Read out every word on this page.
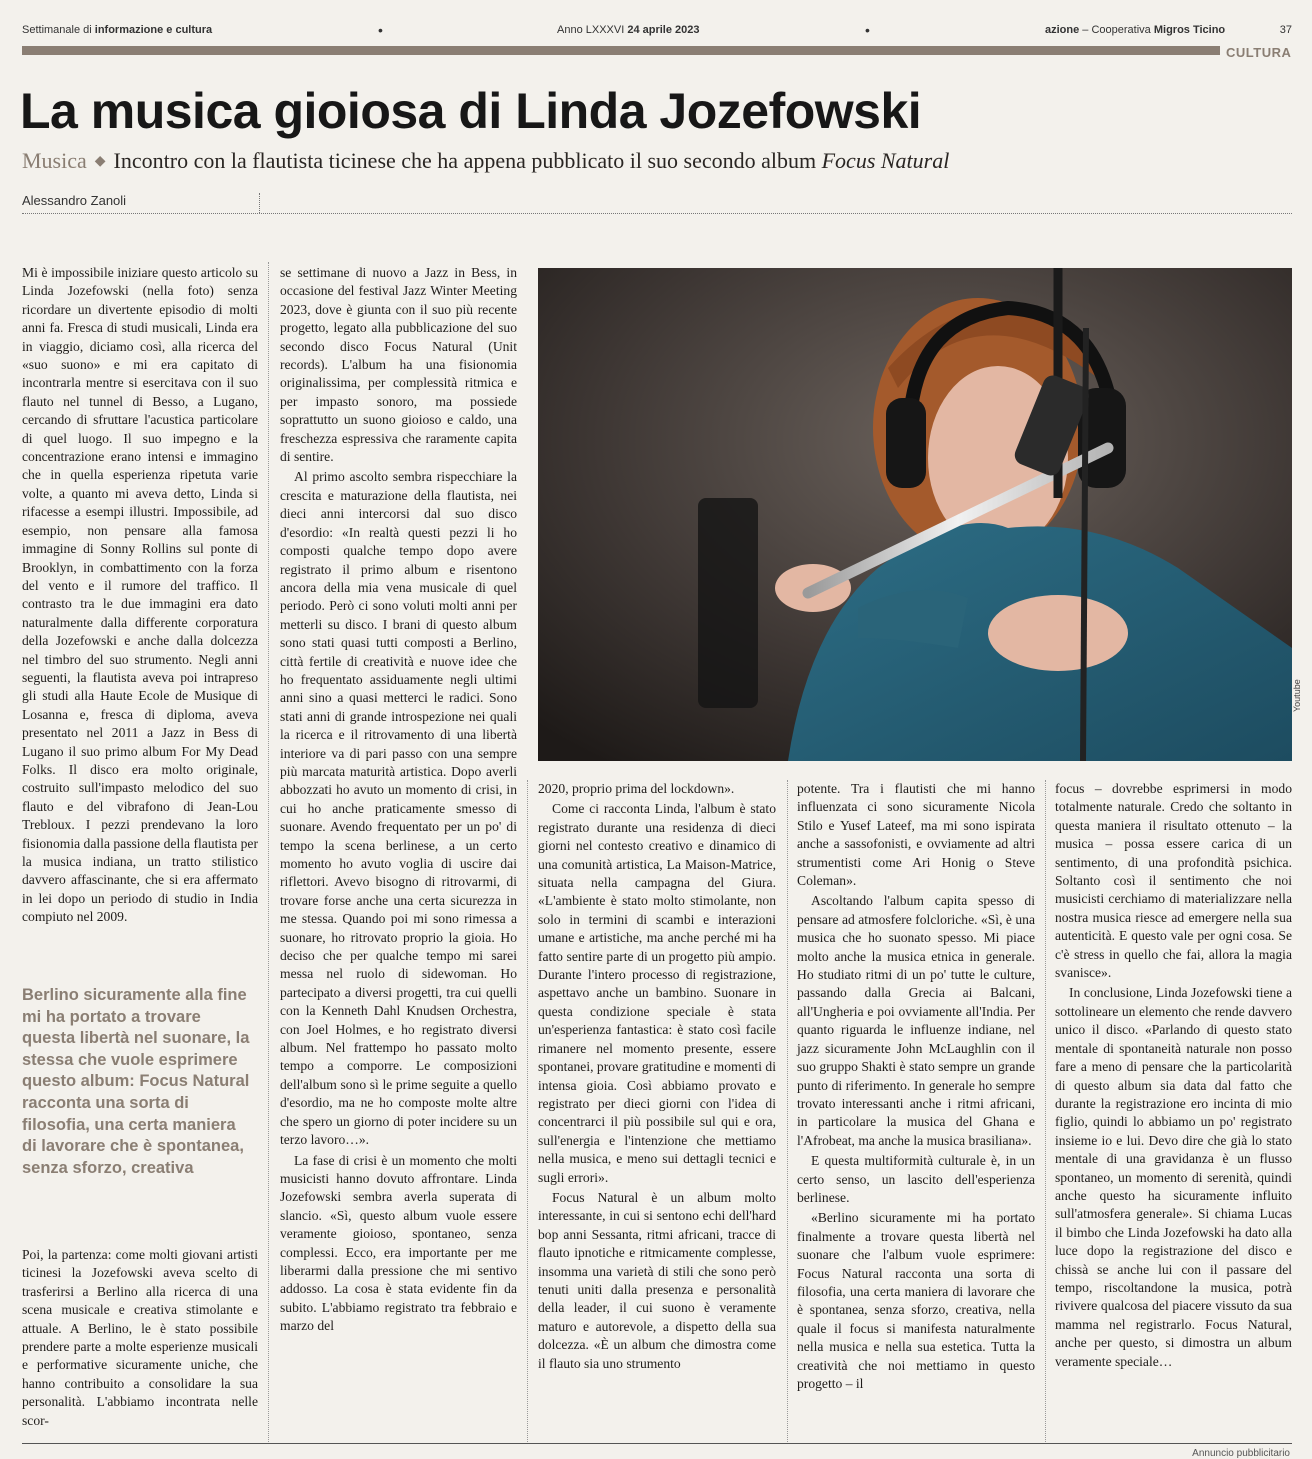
Settimanale di informazione e cultura	•	Anno LXXXVI 24 aprile 2023	•	azione – Cooperativa Migros Ticino	37
CULTURA
La musica gioiosa di Linda Jozefowski
Musica ◆ Incontro con la flautista ticinese che ha appena pubblicato il suo secondo album Focus Natural
Alessandro Zanoli

Mi è impossibile iniziare questo articolo su Linda Jozefowski (nella foto) senza ricordare un divertente episodio di molti anni fa. Fresca di studi musicali, Linda era in viaggio, diciamo così, alla ricerca del «suo suono» e mi era capitato di incontrarla mentre si esercitava con il suo flauto nel tunnel di Besso, a Lugano, cercando di sfruttare l'acustica particolare di quel luogo. Il suo impegno e la concentrazione erano intensi e immagino che in quella esperienza ripetuta varie volte, a quanto mi aveva detto, Linda si rifacesse a esempi illustri. Impossibile, ad esempio, non pensare alla famosa immagine di Sonny Rollins sul ponte di Brooklyn, in combattimento con la forza del vento e il rumore del traffico. Il contrasto tra le due immagini era dato naturalmente dalla differente corporatura della Jozefowski e anche dalla dolcezza nel timbro del suo strumento. Negli anni seguenti, la flautista aveva poi intrapreso gli studi alla Haute Ecole de Musique di Losanna e, fresca di diploma, aveva presentato nel 2011 a Jazz in Bess di Lugano il suo primo album For My Dead Folks. Il disco era molto originale, costruito sull'impasto melodico del suo flauto e del vibrafono di Jean-Lou Trebloux. I pezzi prendevano la loro fisionomia dalla passione della flautista per la musica indiana, un tratto stilistico davvero affascinante, che si era affermato in lei dopo un periodo di studio in India compiuto nel 2009.

Berlino sicuramente alla fine mi ha portato a trovare questa libertà nel suonare, la stessa che vuole esprimere questo album: Focus Natural racconta una sorta di filosofia, una certa maniera di lavorare che è spontanea, senza sforzo, creativa

Poi, la partenza: come molti giovani artisti ticinesi la Jozefowski aveva scelto di trasferirsi a Berlino alla ricerca di una scena musicale e creativa stimolante e attuale. A Berlino, le è stato possibile prendere parte a molte esperienze musicali e performative sicuramente uniche, che hanno contribuito a consolidare la sua personalità. L'abbiamo incontrata nelle scor-

se settimane di nuovo a Jazz in Bess, in occasione del festival Jazz Winter Meeting 2023, dove è giunta con il suo più recente progetto, legato alla pubblicazione del suo secondo disco Focus Natural (Unit records). L'album ha una fisionomia originalissima, per complessità ritmica e per impasto sonoro, ma possiede soprattutto un suono gioioso e caldo, una freschezza espressiva che raramente capita di sentire.

Al primo ascolto sembra rispecchiare la crescita e maturazione della flautista, nei dieci anni intercorsi dal suo disco d'esordio: «In realtà questi pezzi li ho composti qualche tempo dopo avere registrato il primo album e risentono ancora della mia vena musicale di quel periodo. Però ci sono voluti molti anni per metterli su disco. I brani di questo album sono stati quasi tutti composti a Berlino, città fertile di creatività e nuove idee che ho frequentato assiduamente negli ultimi anni sino a quasi metterci le radici. Sono stati anni di grande introspezione nei quali la ricerca e il ritrovamento di una libertà interiore va di pari passo con una sempre più marcata maturità artistica. Dopo averli abbozzati ho avuto un momento di crisi, in cui ho anche praticamente smesso di suonare. Avendo frequentato per un po' di tempo la scena berlinese, a un certo momento ho avuto voglia di uscire dai riflettori. Avevo bisogno di ritrovarmi, di trovare forse anche una certa sicurezza in me stessa. Quando poi mi sono rimessa a suonare, ho ritrovato proprio la gioia. Ho deciso che per qualche tempo mi sarei messa nel ruolo di sidewoman. Ho partecipato a diversi progetti, tra cui quelli con la Kenneth Dahl Knudsen Orchestra, con Joel Holmes, e ho registrato diversi album. Nel frattempo ho passato molto tempo a comporre. Le composizioni dell'album sono sì le prime seguite a quello d'esordio, ma ne ho composte molte altre che spero un giorno di poter incidere su un terzo lavoro…».

La fase di crisi è un momento che molti musicisti hanno dovuto affrontare. Linda Jozefowski sembra averla superata di slancio. «Sì, questo album vuole essere veramente gioioso, spontaneo, senza complessi. Ecco, era importante per me liberarmi dalla pressione che mi sentivo addosso. La cosa è stata evidente fin da subito. L'abbiamo registrato tra febbraio e marzo del

Youtube

2020, proprio prima del lockdown».

Come ci racconta Linda, l'album è stato registrato durante una residenza di dieci giorni nel contesto creativo e dinamico di una comunità artistica, La Maison-Matrice, situata nella campagna del Giura. «L'ambiente è stato molto stimolante, non solo in termini di scambi e interazioni umane e artistiche, ma anche perché mi ha fatto sentire parte di un progetto più ampio. Durante l'intero processo di registrazione, aspettavo anche un bambino. Suonare in questa condizione speciale è stata un'esperienza fantastica: è stato così facile rimanere nel momento presente, essere spontanei, provare gratitudine e momenti di intensa gioia. Così abbiamo provato e registrato per dieci giorni con l'idea di concentrarci il più possibile sul qui e ora, sull'energia e l'intenzione che mettiamo nella musica, e meno sui dettagli tecnici e sugli errori».

Focus Natural è un album molto interessante, in cui si sentono echi dell'hard bop anni Sessanta, ritmi africani, tracce di flauto ipnotiche e ritmicamente complesse, insomma una varietà di stili che sono però tenuti uniti dalla presenza e personalità della leader, il cui suono è veramente maturo e autorevole, a dispetto della sua dolcezza. «È un album che dimostra come il flauto sia uno strumento

potente. Tra i flautisti che mi hanno influenzata ci sono sicuramente Nicola Stilo e Yusef Lateef, ma mi sono ispirata anche a sassofonisti, e ovviamente ad altri strumentisti come Ari Honig o Steve Coleman».

Ascoltando l'album capita spesso di pensare ad atmosfere folcloriche. «Sì, è una musica che ho suonato spesso. Mi piace molto anche la musica etnica in generale. Ho studiato ritmi di un po' tutte le culture, passando dalla Grecia ai Balcani, all'Ungheria e poi ovviamente all'India. Per quanto riguarda le influenze indiane, nel jazz sicuramente John McLaughlin con il suo gruppo Shakti è stato sempre un grande punto di riferimento. In generale ho sempre trovato interessanti anche i ritmi africani, in particolare la musica del Ghana e l'Afrobeat, ma anche la musica brasiliana».

E questa multiformità culturale è, in un certo senso, un lascito dell'esperienza berlinese.

«Berlino sicuramente mi ha portato finalmente a trovare questa libertà nel suonare che l'album vuole esprimere: Focus Natural racconta una sorta di filosofia, una certa maniera di lavorare che è spontanea, senza sforzo, creativa, nella quale il focus si manifesta naturalmente nella musica e nella sua estetica. Tutta la creatività che noi mettiamo in questo progetto – il

focus – dovrebbe esprimersi in modo totalmente naturale. Credo che soltanto in questa maniera il risultato ottenuto – la musica – possa essere carica di un sentimento, di una profondità psichica. Soltanto così il sentimento che noi musicisti cerchiamo di materializzare nella nostra musica riesce ad emergere nella sua autenticità. E questo vale per ogni cosa. Se c'è stress in quello che fai, allora la magia svanisce».

In conclusione, Linda Jozefowski tiene a sottolineare un elemento che rende davvero unico il disco. «Parlando di questo stato mentale di spontaneità naturale non posso fare a meno di pensare che la particolarità di questo album sia data dal fatto che durante la registrazione ero incinta di mio figlio, quindi lo abbiamo un po' registrato insieme io e lui. Devo dire che già lo stato mentale di una gravidanza è un flusso spontaneo, un momento di serenità, quindi anche questo ha sicuramente influito sull'atmosfera generale». Si chiama Lucas il bimbo che Linda Jozefowski ha dato alla luce dopo la registrazione del disco e chissà se anche lui con il passare del tempo, riscoltandone la musica, potrà rivivere qualcosa del piacere vissuto da sua mamma nel registrarlo. Focus Natural, anche per questo, si dimostra un album veramente speciale…

Annuncio pubblicitario
